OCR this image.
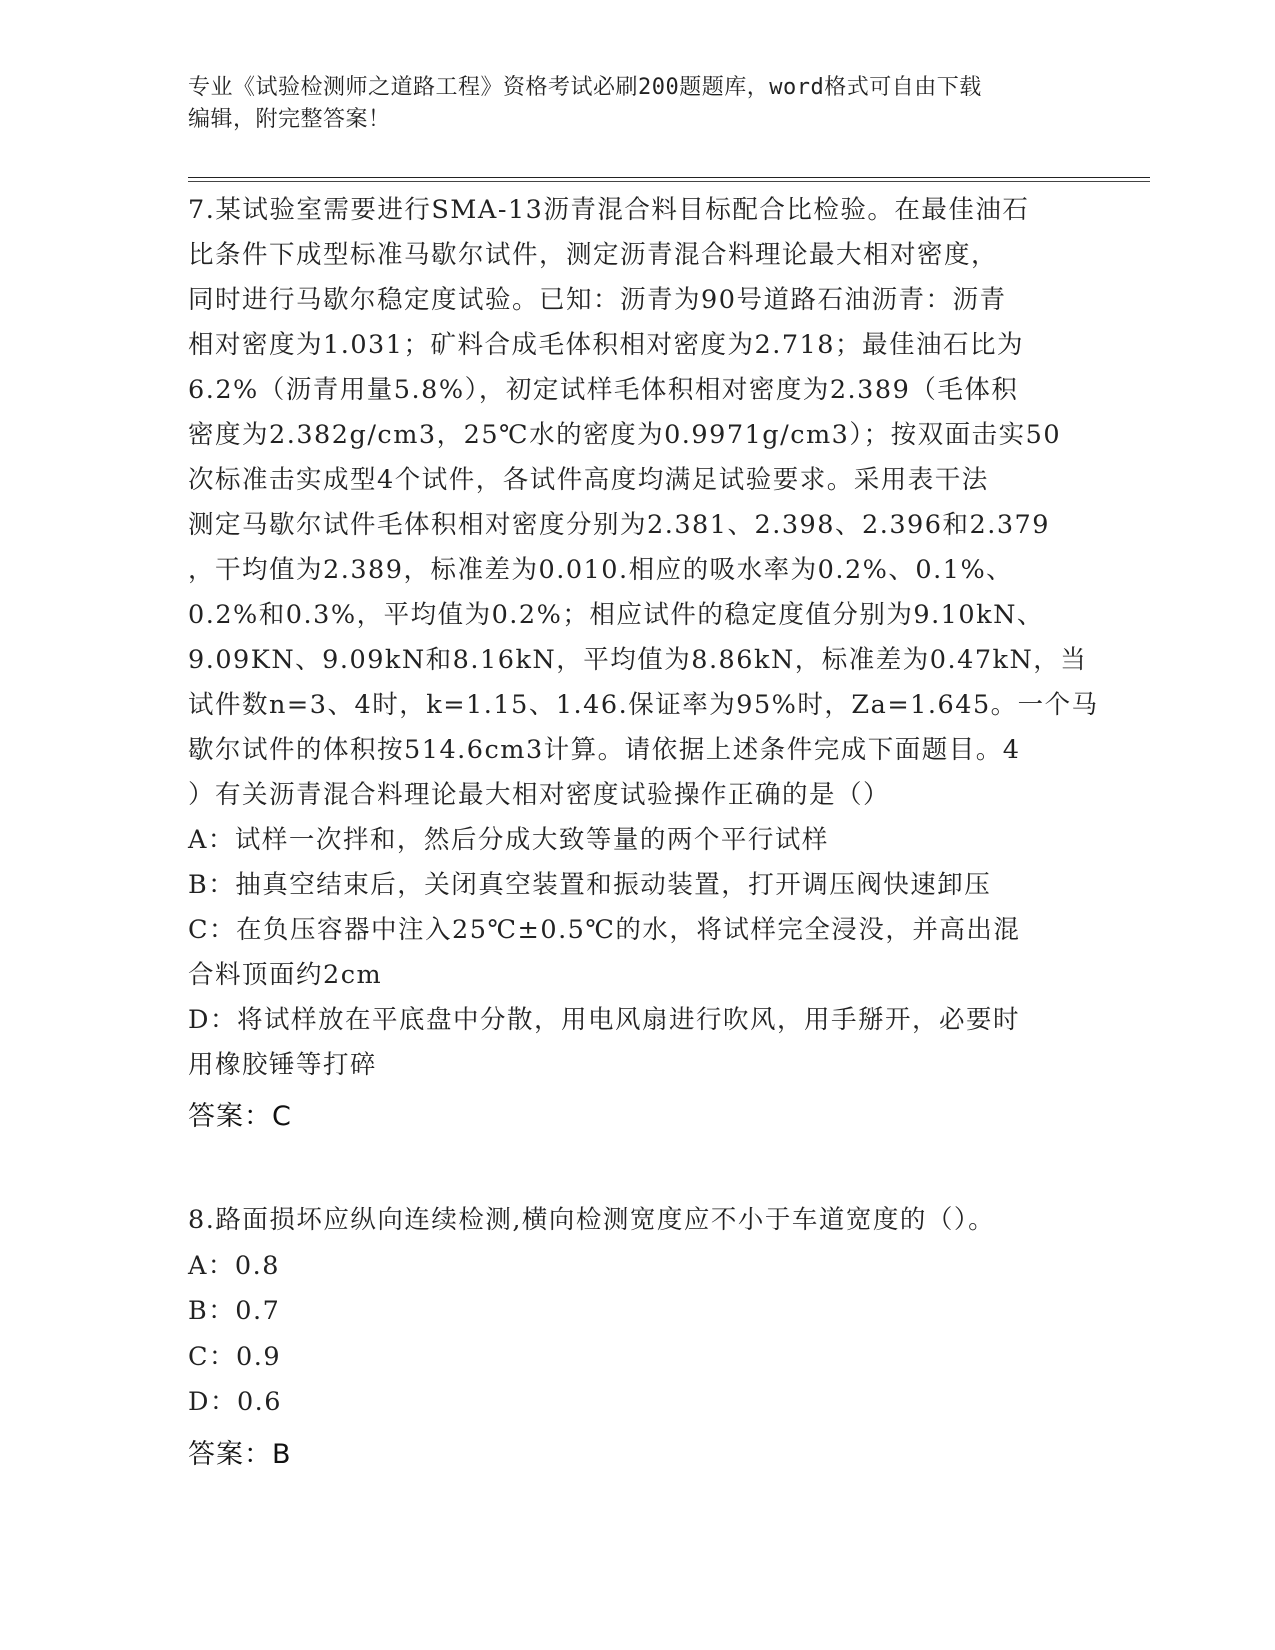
专业《试验检测师之道路工程》资格考试必刷200题题库，word格式可自由下载
编辑，附完整答案！
7.某试验室需要进行SMA-13沥青混合料目标配合比检验。在最佳油石
比条件下成型标准马歇尔试件，测定沥青混合料理论最大相对密度，
同时进行马歇尔稳定度试验。已知：沥青为90号道路石油沥青：沥青
相对密度为1.031；矿料合成毛体积相对密度为2.718；最佳油石比为
6.2%（沥青用量5.8%），初定试样毛体积相对密度为2.389（毛体积
密度为2.382g/cm3，25℃水的密度为0.9971g/cm3）；按双面击实50
次标准击实成型4个试件，各试件高度均满足试验要求。采用表干法
测定马歇尔试件毛体积相对密度分别为2.381、2.398、2.396和2.379
，干均值为2.389，标准差为0.010.相应的吸水率为0.2%、0.1%、
0.2%和0.3%，平均值为0.2%；相应试件的稳定度值分别为9.10kN、
9.09KN、9.09kN和8.16kN，平均值为8.86kN，标准差为0.47kN，当
试件数n=3、4时，k=1.15、1.46.保证率为95%时，Za=1.645。一个马
歇尔试件的体积按514.6cm3计算。请依据上述条件完成下面题目。4
）有关沥青混合料理论最大相对密度试验操作正确的是（）
A：试样一次拌和，然后分成大致等量的两个平行试样
B：抽真空结束后，关闭真空装置和振动装置，打开调压阀快速卸压
C：在负压容器中注入25℃±0.5℃的水，将试样完全浸没，并高出混
合料顶面约2cm
D：将试样放在平底盘中分散，用电风扇进行吹风，用手掰开，必要时
用橡胶锤等打碎
答案：C
8.路面损坏应纵向连续检测,横向检测宽度应不小于车道宽度的（）。
A：0.8
B：0.7
C：0.9
D：0.6
答案：B
